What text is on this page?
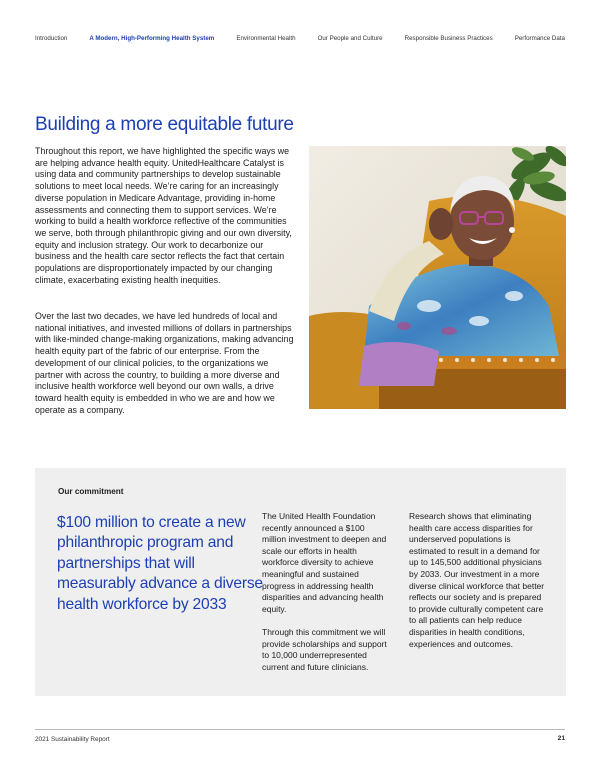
Introduction	A Modern, High-Performing Health System	Environmental Health	Our People and Culture	Responsible Business Practices	Performance Data
Building a more equitable future

Throughout this report, we have highlighted the specific ways we are helping advance health equity. UnitedHealthcare Catalyst is using data and community partnerships to develop sustainable solutions to meet local needs. We’re caring for an increasingly diverse population in Medicare Advantage, providing in-home assessments and connecting them to support services. We’re working to build a health workforce reflective of the communities we serve, both through philanthropic giving and our own diversity, equity and inclusion strategy. Our work to decarbonize our business and the health care sector reflects the fact that certain populations are disproportionately impacted by our changing climate, exacerbating existing health inequities.

Over the last two decades, we have led hundreds of local and national initiatives, and invested millions of dollars in partnerships with like-minded change-making organizations, making advancing health equity part of the fabric of our enterprise. From the development of our clinical policies, to the organizations we partner with across the country, to building a more diverse and inclusive health workforce well beyond our own walls, a drive toward health equity is embedded in who we are and how we operate as a company.

Our commitment
$100 million to create a new philanthropic program and partnerships that will measurably advance a diverse health workforce by 2033

The United Health Foundation recently announced a $100 million investment to deepen and scale our efforts in health workforce diversity to achieve meaningful and sustained progress in addressing health disparities and advancing health equity.

Through this commitment we will provide scholarships and support to 10,000 underrepresented current and future clinicians.

Research shows that eliminating health care access disparities for underserved populations is estimated to result in a demand for up to 145,500 additional physicians by 2033. Our investment in a more diverse clinical workforce that better reflects our society and is prepared to provide culturally competent care to all patients can help reduce disparities in health conditions, experiences and outcomes.

2021 Sustainability Report	21
